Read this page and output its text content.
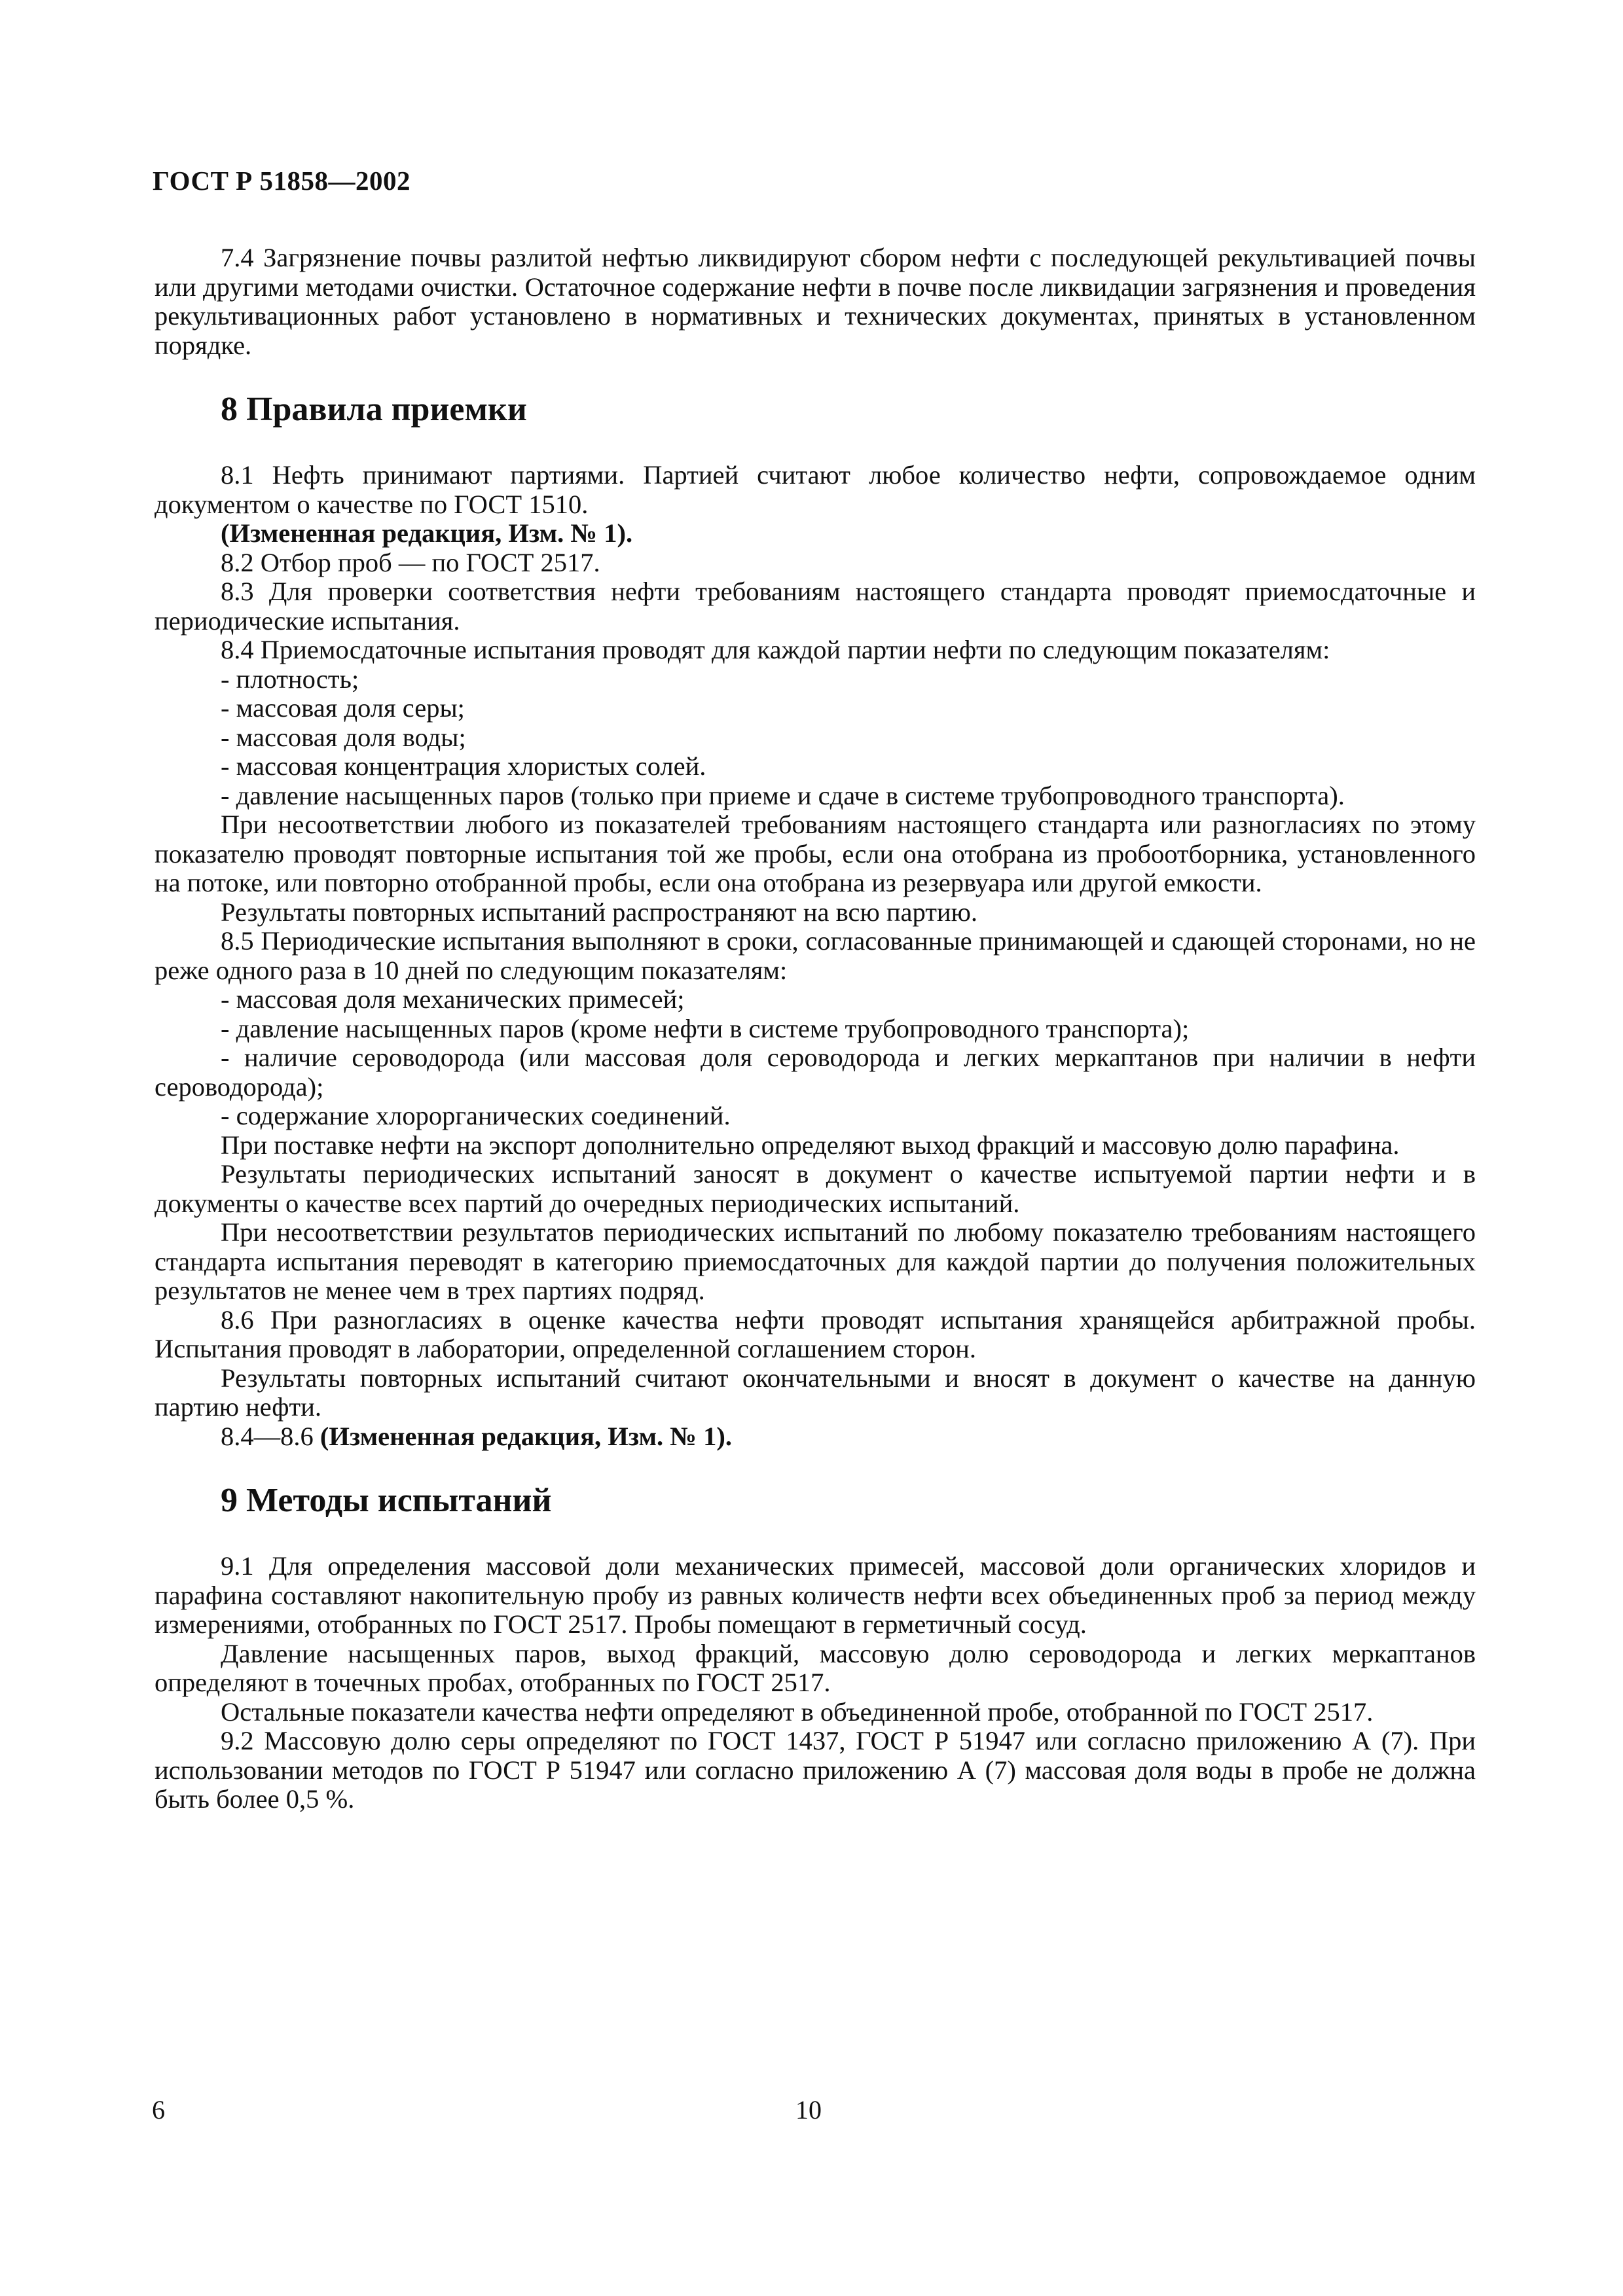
ГОСТ Р 51858—2002

7.4 Загрязнение почвы разлитой нефтью ликвидируют сбором нефти с последующей рекультивацией почвы или другими методами очистки. Остаточное содержание нефти в почве после ликвидации загрязнения и проведения рекультивационных работ установлено в нормативных и технических документах, принятых в установленном порядке.

8 Правила приемки

8.1 Нефть принимают партиями. Партией считают любое количество нефти, сопровождаемое одним документом о качестве по ГОСТ 1510.

(Измененная редакция, Изм. № 1).

8.2 Отбор проб — по ГОСТ 2517.

8.3 Для проверки соответствия нефти требованиям настоящего стандарта проводят приемосдаточные и периодические испытания.

8.4 Приемосдаточные испытания проводят для каждой партии нефти по следующим показателям:

- плотность;

- массовая доля серы;

- массовая доля воды;

- массовая концентрация хлористых солей.

- давление насыщенных паров (только при приеме и сдаче в системе трубопроводного транспорта).

При несоответствии любого из показателей требованиям настоящего стандарта или разногласиях по этому показателю проводят повторные испытания той же пробы, если она отобрана из пробоотборника, установленного на потоке, или повторно отобранной пробы, если она отобрана из резервуара или другой емкости.

Результаты повторных испытаний распространяют на всю партию.

8.5 Периодические испытания выполняют в сроки, согласованные принимающей и сдающей сторонами, но не реже одного раза в 10 дней по следующим показателям:

- массовая доля механических примесей;

- давление насыщенных паров (кроме нефти в системе трубопроводного транспорта);

- наличие сероводорода (или массовая доля сероводорода и легких меркаптанов при наличии в нефти сероводорода);

- содержание хлорорганических соединений.

При поставке нефти на экспорт дополнительно определяют выход фракций и массовую долю парафина.

Результаты периодических испытаний заносят в документ о качестве испытуемой партии нефти и в документы о качестве всех партий до очередных периодических испытаний.

При несоответствии результатов периодических испытаний по любому показателю требованиям настоящего стандарта испытания переводят в категорию приемосдаточных для каждой партии до получения положительных результатов не менее чем в трех партиях подряд.

8.6 При разногласиях в оценке качества нефти проводят испытания хранящейся арбитражной пробы. Испытания проводят в лаборатории, определенной соглашением сторон.

Результаты повторных испытаний считают окончательными и вносят в документ о качестве на данную партию нефти.

8.4—8.6 (Измененная редакция, Изм. № 1).

9 Методы испытаний

9.1 Для определения массовой доли механических примесей, массовой доли органических хлоридов и парафина составляют накопительную пробу из равных количеств нефти всех объединенных проб за период между измерениями, отобранных по ГОСТ 2517. Пробы помещают в герметичный сосуд.

Давление насыщенных паров, выход фракций, массовую долю сероводорода и легких меркаптанов определяют в точечных пробах, отобранных по ГОСТ 2517.

Остальные показатели качества нефти определяют в объединенной пробе, отобранной по ГОСТ 2517.

9.2 Массовую долю серы определяют по ГОСТ 1437, ГОСТ Р 51947 или согласно приложению А (7). При использовании методов по ГОСТ Р 51947 или согласно приложению А (7) массовая доля воды в пробе не должна быть более 0,5 %.

6	10
